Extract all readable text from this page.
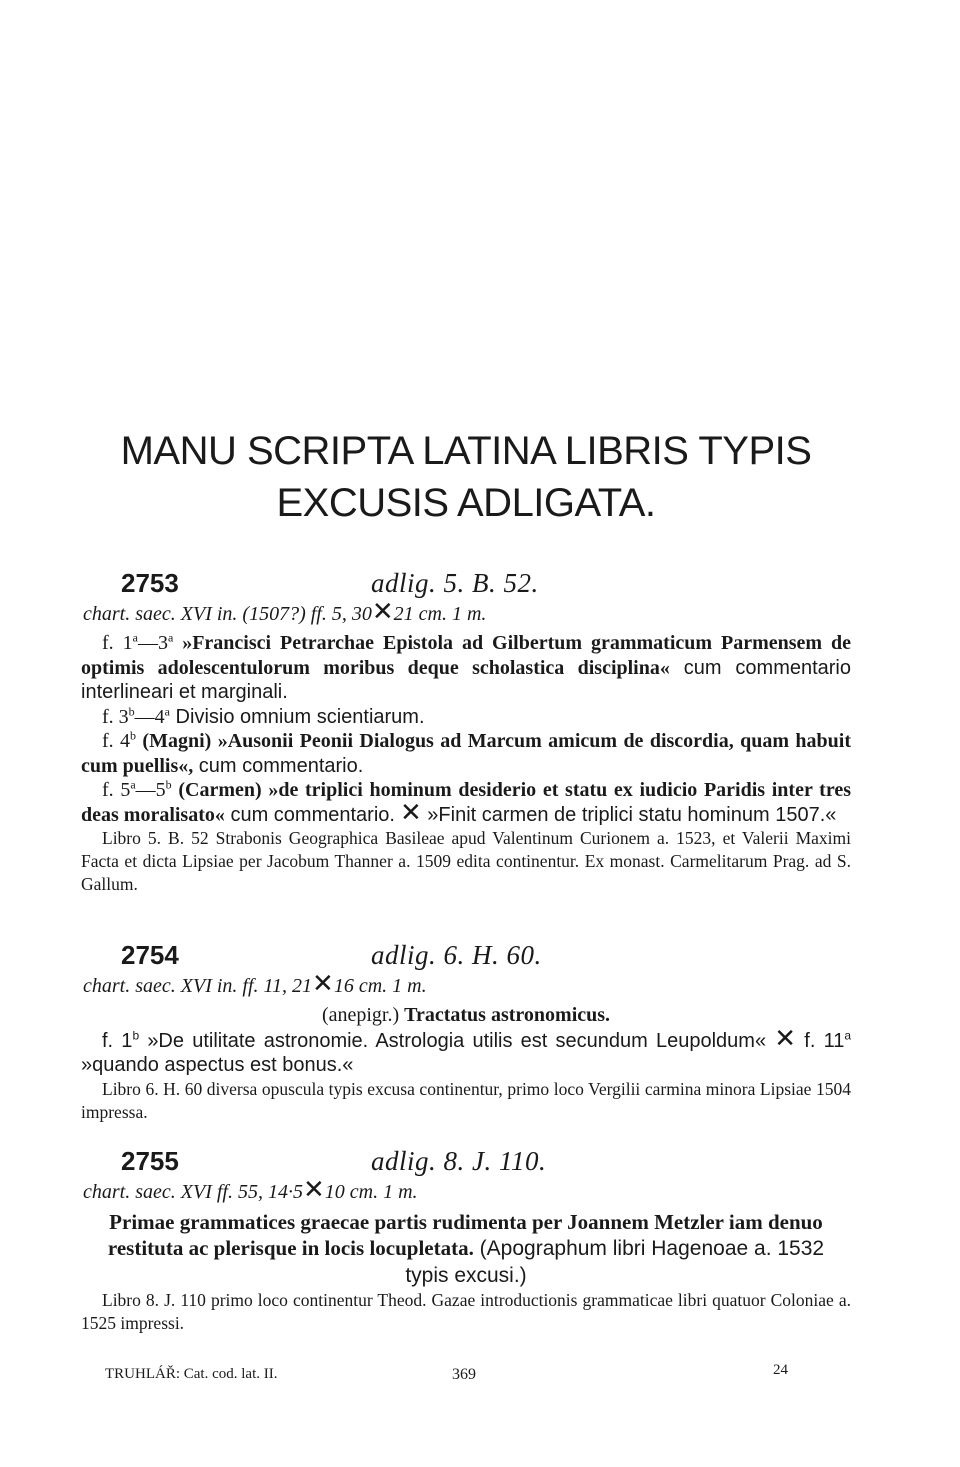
MANU SCRIPTA LATINA LIBRIS TYPIS
EXCUSIS ADLIGATA.
2753	adlig. 5. B. 52.

chart. saec. XVI in. (1507?) ff. 5, 30✕21 cm. 1 m.

f. 1$^a$—3$^a$ »Francisci Petrarchae Epistola ad Gilbertum grammaticum Parmensem de optimis adolescentulorum moribus deque scholastica disciplina« cum commentario interlineari et marginali.

f. 3$^b$—4$^a$ Divisio omnium scientiarum.

f. 4$^b$ (Magni) »Ausonii Peonii Dialogus ad Marcum amicum de discordia, quam habuit cum puellis«, cum commentario.

f. 5$^a$—5$^b$ (Carmen) »de triplici hominum desiderio et statu ex iudicio Paridis inter tres deas moralisato« cum commentario. ✕ »Finit carmen de triplici statu hominum 1507.«

Libro 5. B. 52 Strabonis Geographica Basileae apud Valentinum Curionem a. 1523, et Valerii Maximi Facta et dicta Lipsiae per Jacobum Thanner a. 1509 edita continentur. Ex monast. Carmelitarum Prag. ad S. Gallum.

2754	adlig. 6. H. 60.

chart. saec. XVI in. ff. 11, 21✕16 cm. 1 m.

(anepigr.) Tractatus astronomicus.

f. 1$^b$ »De utilitate astronomie. Astrologia utilis est secundum Leupoldum« ✕ f. 11$^a$ »quando aspectus est bonus.«

Libro 6. H. 60 diversa opuscula typis excusa continentur, primo loco Vergilii carmina minora Lipsiae 1504 impressa.

2755	adlig. 8. J. 110.

chart. saec. XVI ff. 55, 14·5✕10 cm. 1 m.

Primae grammatices graecae partis rudimenta per Joannem Metzler iam denuo restituta ac plerisque in locis locupletata. (Apographum libri Hagenoae a. 1532 typis excusi.)

Libro 8. J. 110 primo loco continentur Theod. Gazae introductionis grammaticae libri quatuor Coloniae a. 1525 impressi.

TRUHLÁŘ: Cat. cod. lat. II.	369	24
